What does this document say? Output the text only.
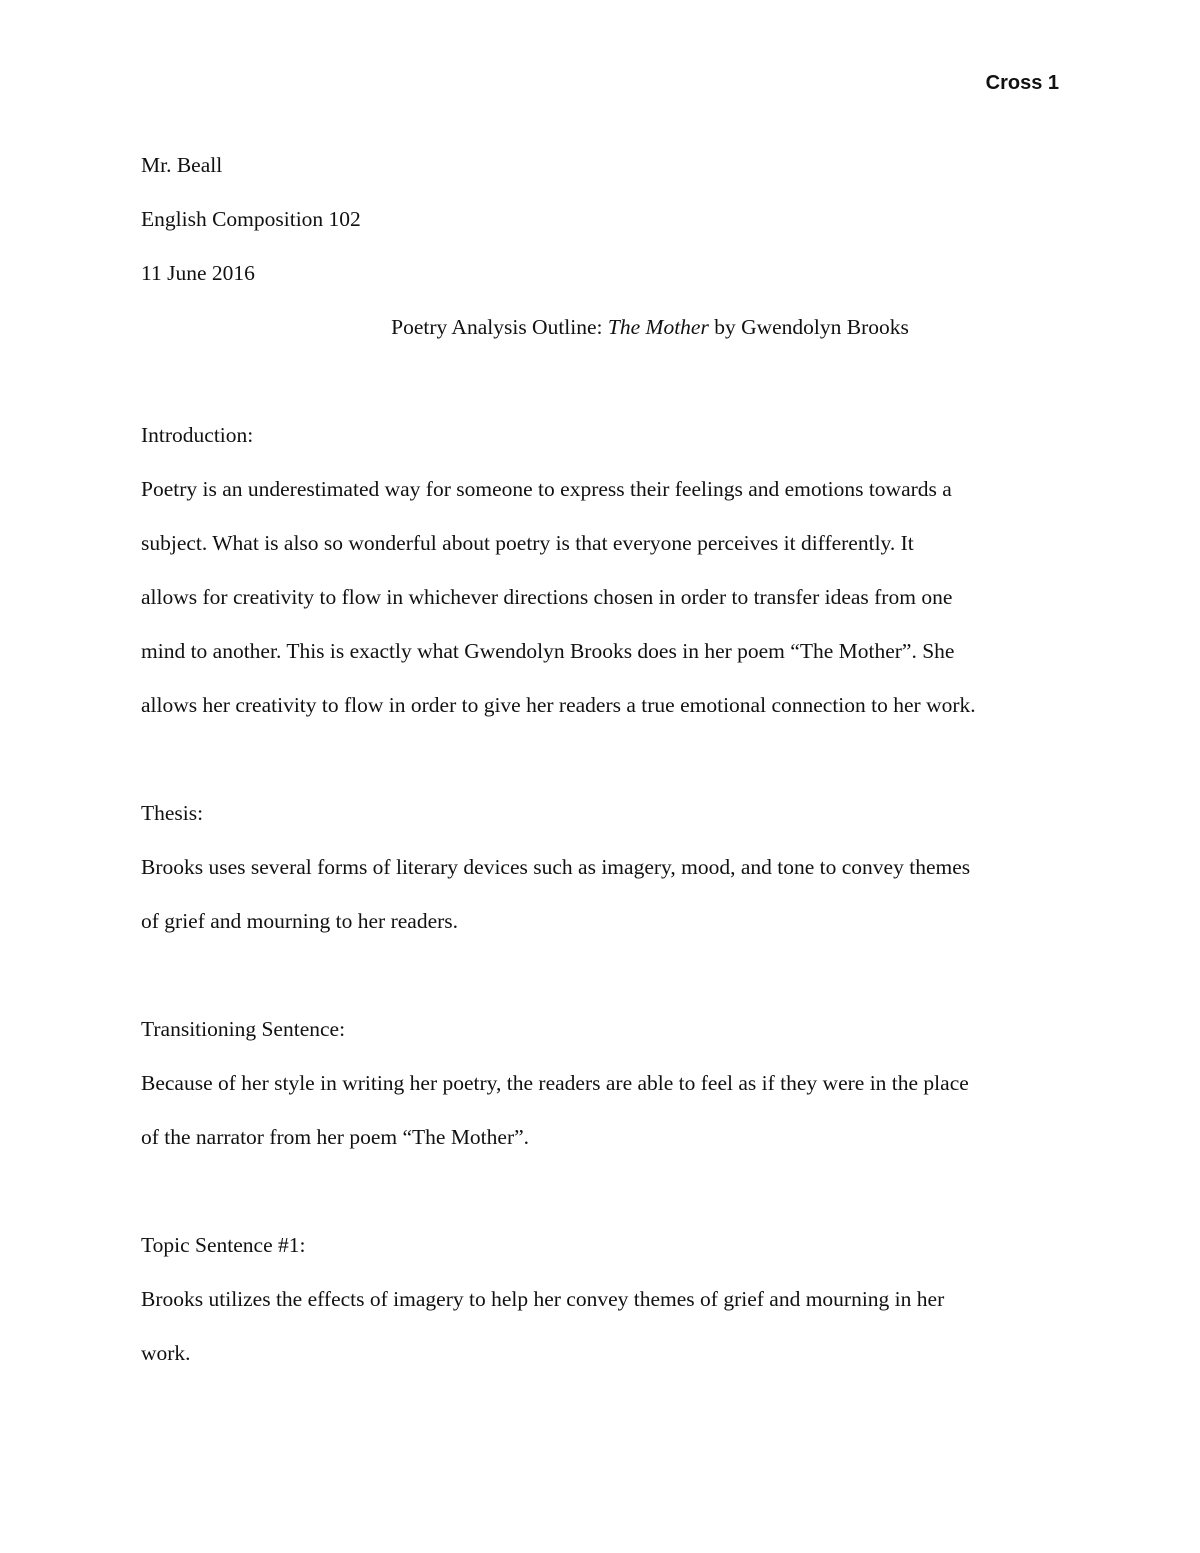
Cross 1

Mr. Beall

English Composition 102

11 June 2016

Poetry Analysis Outline: The Mother by Gwendolyn Brooks

Introduction:

Poetry is an underestimated way for someone to express their feelings and emotions towards a

subject. What is also so wonderful about poetry is that everyone perceives it differently. It

allows for creativity to flow in whichever directions chosen in order to transfer ideas from one

mind to another. This is exactly what Gwendolyn Brooks does in her poem “The Mother”. She

allows her creativity to flow in order to give her readers a true emotional connection to her work.

Thesis:

Brooks uses several forms of literary devices such as imagery, mood, and tone to convey themes

of grief and mourning to her readers.

Transitioning Sentence:

Because of her style in writing her poetry, the readers are able to feel as if they were in the place

of the narrator from her poem “The Mother”.

Topic Sentence #1:

Brooks utilizes the effects of imagery to help her convey themes of grief and mourning in her

work.
